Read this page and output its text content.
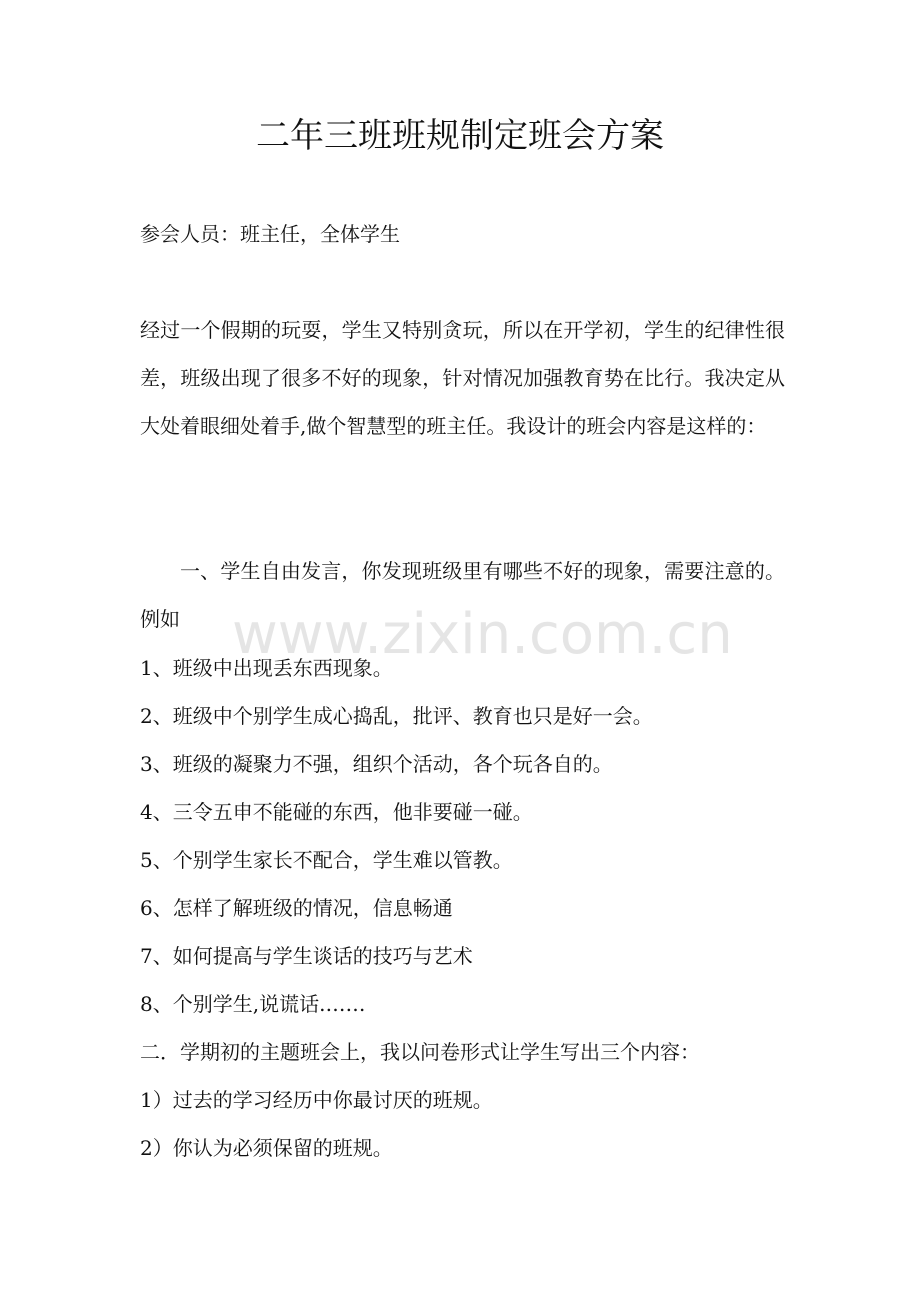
二年三班班规制定班会方案

参会人员：班主任，全体学生

经过一个假期的玩耍，学生又特别贪玩，所以在开学初，学生的纪律性很差，班级出现了很多不好的现象，针对情况加强教育势在比行。我决定从大处着眼细处着手,做个智慧型的班主任。我设计的班会内容是这样的：

一、学生自由发言，你发现班级里有哪些不好的现象，需要注意的。例如

1、班级中出现丢东西现象。

2、班级中个别学生成心捣乱，批评、教育也只是好一会。

3、班级的凝聚力不强，组织个活动，各个玩各自的。

4、三令五申不能碰的东西，他非要碰一碰。

5、个别学生家长不配合，学生难以管教。

6、怎样了解班级的情况，信息畅通

7、如何提高与学生谈话的技巧与艺术

8、个别学生,说谎话.……

二．学期初的主题班会上，我以问卷形式让学生写出三个内容：

1）过去的学习经历中你最讨厌的班规。

2）你认为必须保留的班规。

www.zixin.com.cn
